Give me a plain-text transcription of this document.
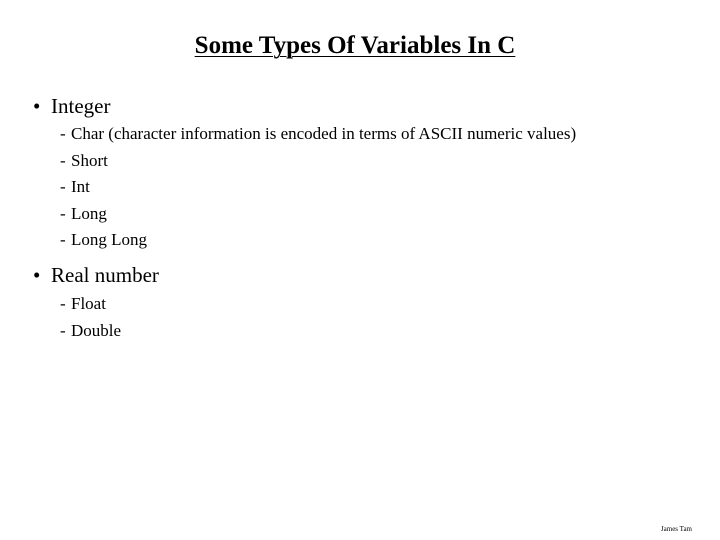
Some Types Of Variables In C
• Integer
- Char (character information is encoded in terms of ASCII numeric values)
- Short
- Int
- Long
- Long Long
• Real number
- Float
- Double
James Tam
